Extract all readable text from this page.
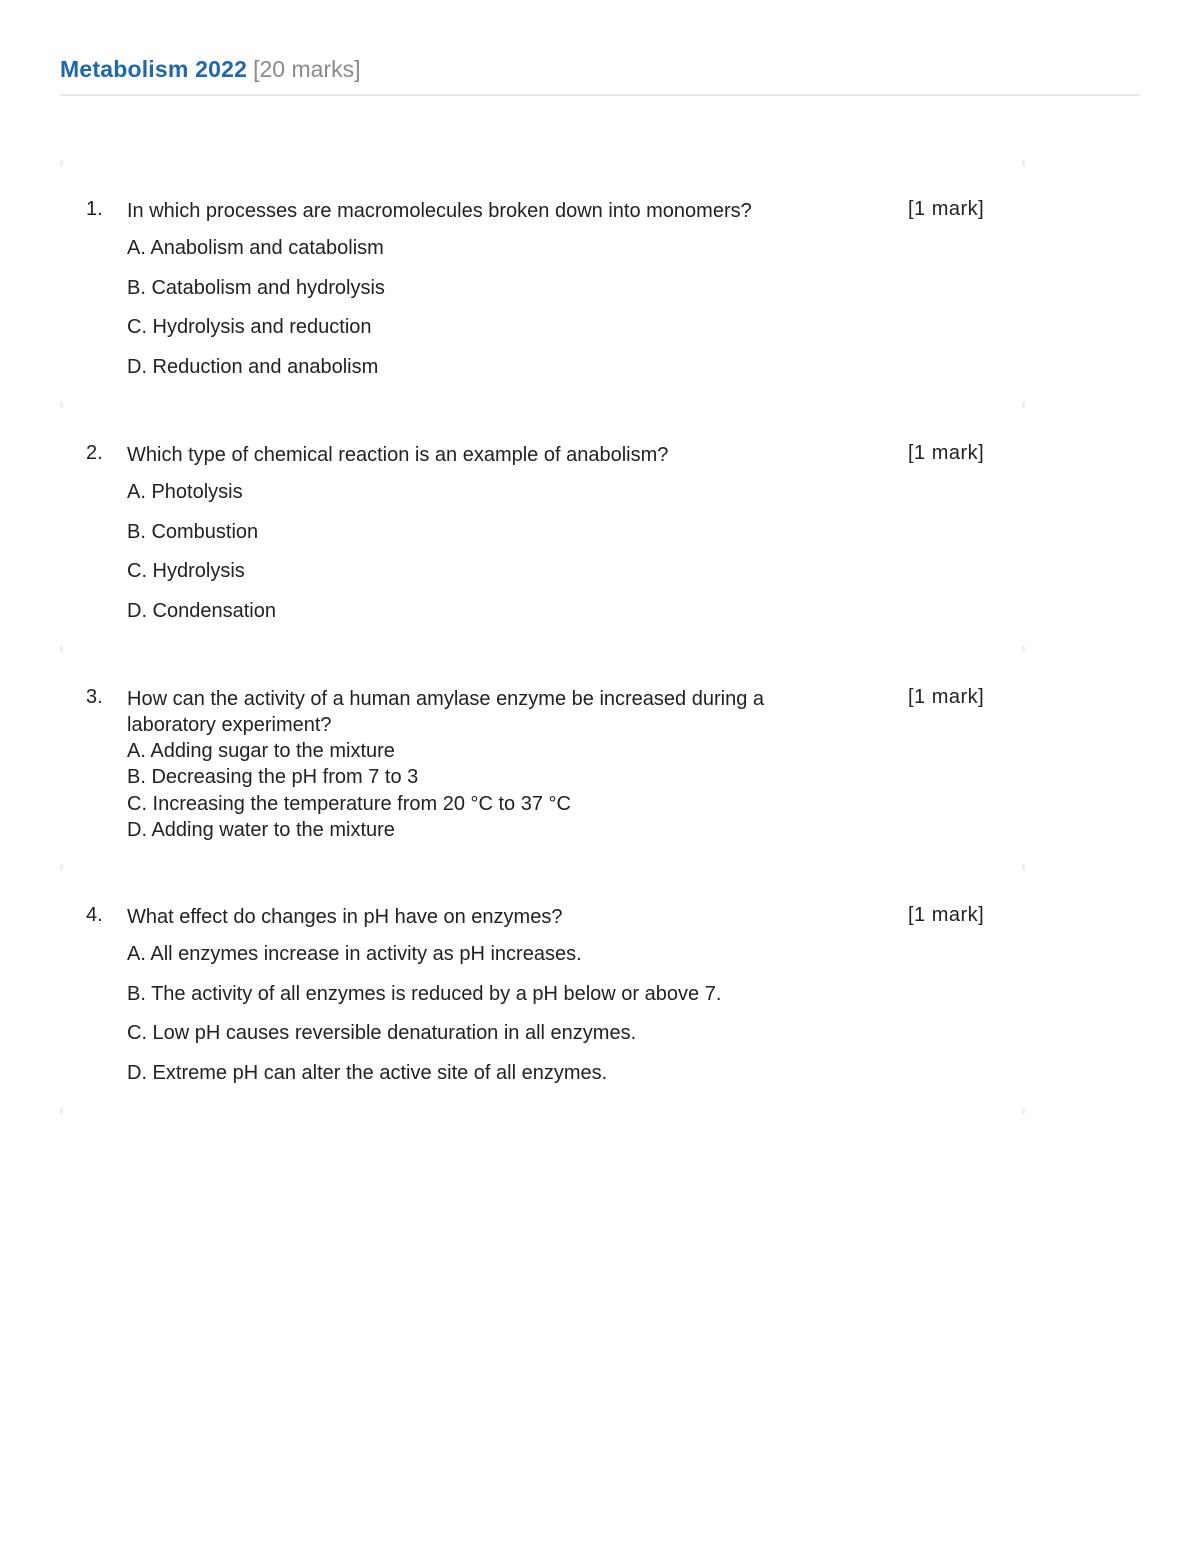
Metabolism 2022 [20 marks]
1. In which processes are macromolecules broken down into monomers?	[1 mark]
A. Anabolism and catabolism
B. Catabolism and hydrolysis
C. Hydrolysis and reduction
D. Reduction and anabolism
2. Which type of chemical reaction is an example of anabolism?	[1 mark]
A. Photolysis
B. Combustion
C. Hydrolysis
D. Condensation
3. How can the activity of a human amylase enzyme be increased during a laboratory experiment?
[1 mark]
A. Adding sugar to the mixture
B. Decreasing the pH from 7 to 3
C. Increasing the temperature from 20 °C to 37 °C
D. Adding water to the mixture
4. What effect do changes in pH have on enzymes?	[1 mark]
A. All enzymes increase in activity as pH increases.
B. The activity of all enzymes is reduced by a pH below or above 7.
C. Low pH causes reversible denaturation in all enzymes.
D. Extreme pH can alter the active site of all enzymes.
